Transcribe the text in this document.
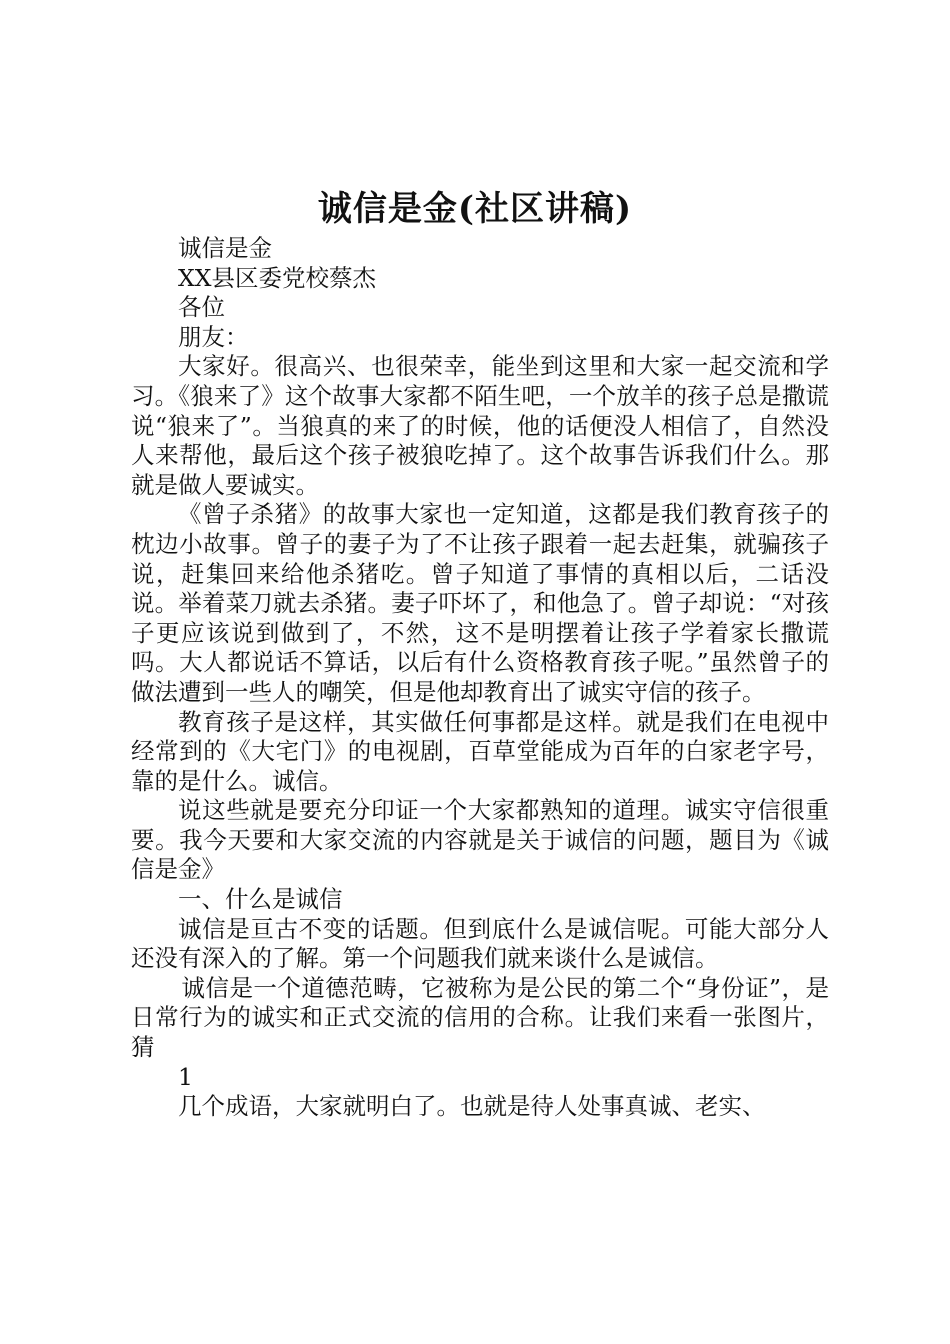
诚信是金(社区讲稿)

诚信是金

XX县区委党校蔡杰

各位

朋友：

大家好。很高兴、也很荣幸，能坐到这里和大家一起交流和学习。《狼来了》这个故事大家都不陌生吧，一个放羊的孩子总是撒谎说“狼来了”。当狼真的来了的时候，他的话便没人相信了，自然没人来帮他，最后这个孩子被狼吃掉了。这个故事告诉我们什么。那就是做人要诚实。

《曾子杀猪》的故事大家也一定知道，这都是我们教育孩子的枕边小故事。曾子的妻子为了不让孩子跟着一起去赶集，就骗孩子说，赶集回来给他杀猪吃。曾子知道了事情的真相以后，二话没说。举着菜刀就去杀猪。妻子吓坏了，和他急了。曾子却说：“对孩子更应该说到做到了，不然，这不是明摆着让孩子学着家长撒谎吗。大人都说话不算话，以后有什么资格教育孩子呢。”虽然曾子的做法遭到一些人的嘲笑，但是他却教育出了诚实守信的孩子。

教育孩子是这样，其实做任何事都是这样。就是我们在电视中经常到的《大宅门》的电视剧，百草堂能成为百年的白家老字号，靠的是什么。诚信。

说这些就是要充分印证一个大家都熟知的道理。诚实守信很重要。我今天要和大家交流的内容就是关于诚信的问题，题目为《诚信是金》

一、什么是诚信

诚信是亘古不变的话题。但到底什么是诚信呢。可能大部分人还没有深入的了解。第一个问题我们就来谈什么是诚信。

诚信是一个道德范畴，它被称为是公民的第二个“身份证”，是日常行为的诚实和正式交流的信用的合称。让我们来看一张图片，猜

1

几个成语，大家就明白了。也就是待人处事真诚、老实、
